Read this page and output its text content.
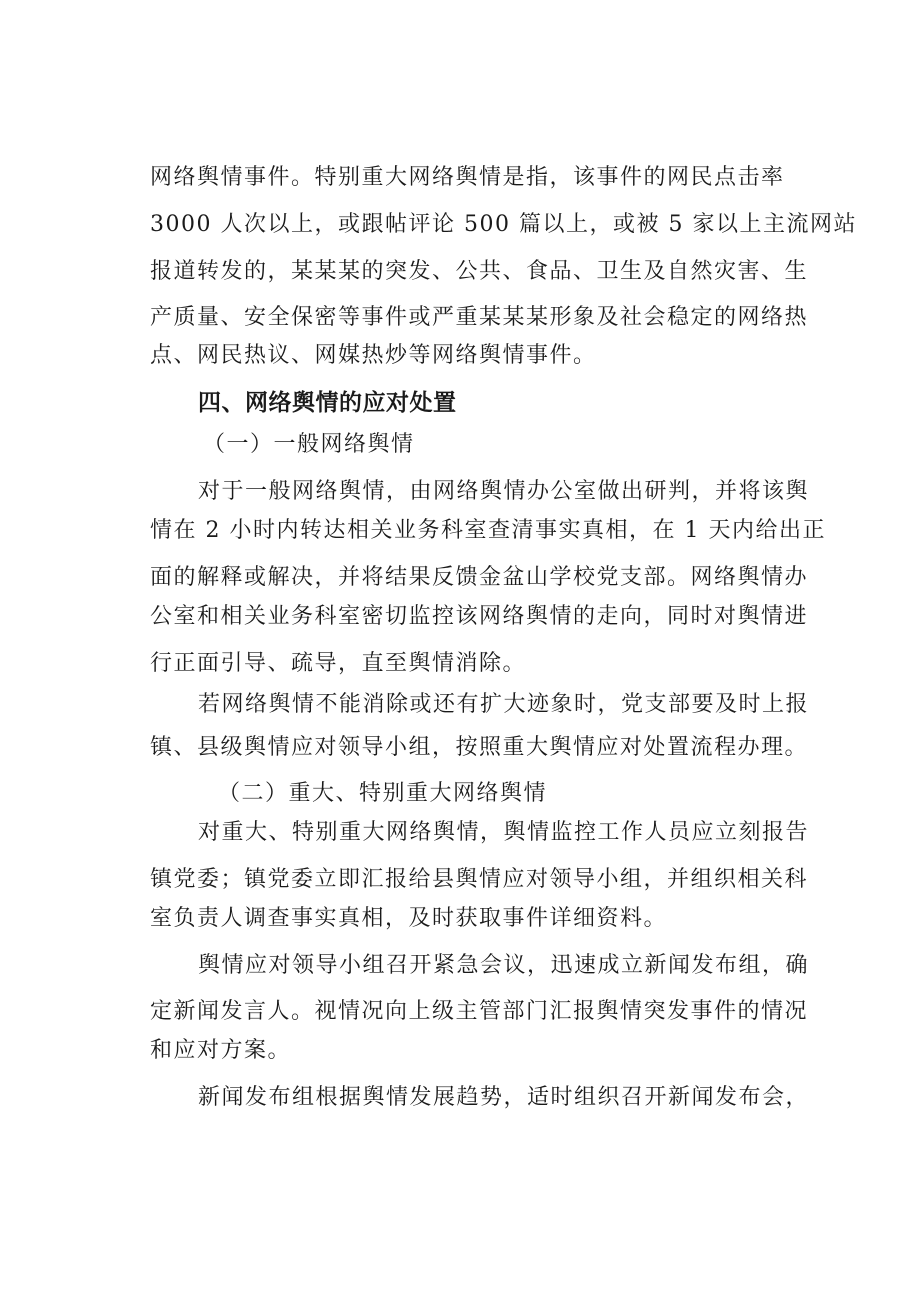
网络舆情事件。特别重大网络舆情是指，该事件的网民点击率
3000 人次以上，或跟帖评论 500 篇以上，或被 5 家以上主流网站
报道转发的，某某某的突发、公共、食品、卫生及自然灾害、生
产质量、安全保密等事件或严重某某某形象及社会稳定的网络热
点、网民热议、网媒热炒等网络舆情事件。
四、网络舆情的应对处置
（一）一般网络舆情
对于一般网络舆情，由网络舆情办公室做出研判，并将该舆
情在 2 小时内转达相关业务科室查清事实真相，在 1 天内给出正
面的解释或解决，并将结果反馈金盆山学校党支部。网络舆情办
公室和相关业务科室密切监控该网络舆情的走向，同时对舆情进
行正面引导、疏导，直至舆情消除。
若网络舆情不能消除或还有扩大迹象时，党支部要及时上报
镇、县级舆情应对领导小组，按照重大舆情应对处置流程办理。
（二）重大、特别重大网络舆情
对重大、特别重大网络舆情，舆情监控工作人员应立刻报告
镇党委；镇党委立即汇报给县舆情应对领导小组，并组织相关科
室负责人调查事实真相，及时获取事件详细资料。
舆情应对领导小组召开紧急会议，迅速成立新闻发布组，确
定新闻发言人。视情况向上级主管部门汇报舆情突发事件的情况
和应对方案。
新闻发布组根据舆情发展趋势，适时组织召开新闻发布会，
